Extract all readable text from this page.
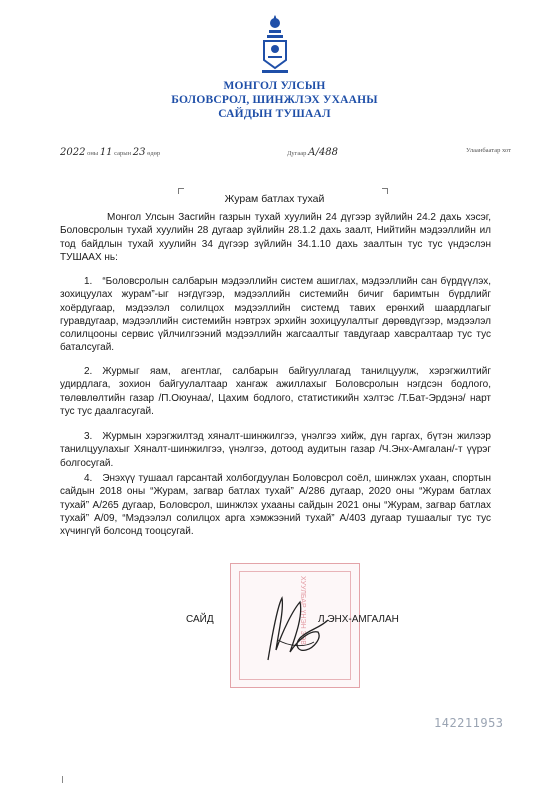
МОНГОЛ УЛСЫН
БОЛОВСРОЛ, ШИНЖЛЭХ УХААНЫ
САЙДЫН ТУШААЛ
2022 оны 11 сарын 23 өдөр	Дугаар А/488	Улаанбаатар хот
Журам батлах тухай

Монгол Улсын Засгийн газрын тухай хуулийн 24 дүгээр зүйлийн 24.2 дахь хэсэг, Боловсролын тухай хуулийн 28 дугаар зүйлийн 28.1.2 дахь заалт, Нийтийн мэдээллийн ил тод байдлын тухай хуулийн 34 дүгээр зүйлийн 34.1.10 дахь заалтын тус тус үндэслэн ТУШААХ нь:

1. “Боловсролын салбарын мэдээллийн систем ашиглах, мэдээллийн сан бүрдүүлэх, зохицуулах журам”-ыг нэгдүгээр, мэдээллийн системийн бичиг баримтын бүрдлийг хоёрдугаар, мэдээлэл солилцох мэдээллийн системд тавих ерөнхий шаардлагыг гуравдугаар, мэдээллийн системийн нэвтрэх эрхийн зохицуулалтыг дөрөвдүгээр, мэдээлэл солилцооны сервис үйлчилгээний мэдээллийн жагсаалтыг тавдугаар хавсралтаар тус тус баталсугай.

2. Журмыг яам, агентлаг, салбарын байгууллагад танилцуулж, хэрэгжилтийг удирдлага, зохион байгуулалтаар хангаж ажиллахыг Боловсролын нэгдсэн бодлого, төлөвлөлтийн газар /П.Оюунаа/, Цахим бодлого, статистикийн хэлтэс /Т.Бат-Эрдэнэ/ нарт тус тус даалгасугай.

3. Журмын хэрэгжилтэд хяналт-шинжилгээ, үнэлгээ хийж, дүн гаргах, бүтэн жилээр танилцуулахыг Хяналт-шинжилгээ, үнэлгээ, дотоод аудитын газар /Ч.Энх-Амгалан/-т үүрэг болгосугай.

4. Энэхүү тушаал гарсантай холбогдуулан Боловсрол соёл, шинжлэх ухаан, спортын сайдын 2018 оны “Журам, загвар батлах тухай” А/286 дугаар, 2020 оны “Журам батлах тухай” А/265 дугаар, Боловсрол, шинжлэх ухааны сайдын 2021 оны “Журам, загвар батлах тухай” А/09, “Мэдээлэл солилцох арга хэмжээний тухай” А/403 дугаар тушаалыг тус тус хүчингүй болсонд тооцсугай.

ХУУЛБАР ҮНЭН ЗӨВ
САЙД	Л.ЭНХ-АМГАЛАН
142211953
